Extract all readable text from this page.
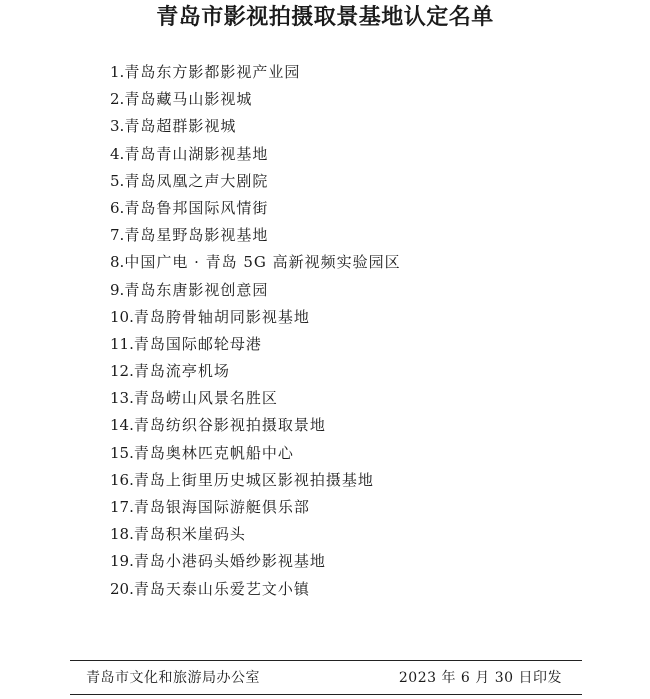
青岛市影视拍摄取景基地认定名单
1.青岛东方影都影视产业园
2.青岛藏马山影视城
3.青岛超群影视城
4.青岛青山湖影视基地
5.青岛凤凰之声大剧院
6.青岛鲁邦国际风情街
7.青岛星野岛影视基地
8.中国广电 · 青岛 5G 高新视频实验园区
9.青岛东唐影视创意园
10.青岛胯骨轴胡同影视基地
11.青岛国际邮轮母港
12.青岛流亭机场
13.青岛崂山风景名胜区
14.青岛纺织谷影视拍摄取景地
15.青岛奥林匹克帆船中心
16.青岛上街里历史城区影视拍摄基地
17.青岛银海国际游艇俱乐部
18.青岛积米崖码头
19.青岛小港码头婚纱影视基地
20.青岛天泰山乐爱艺文小镇
青岛市文化和旅游局办公室	2023 年 6 月 30 日印发
